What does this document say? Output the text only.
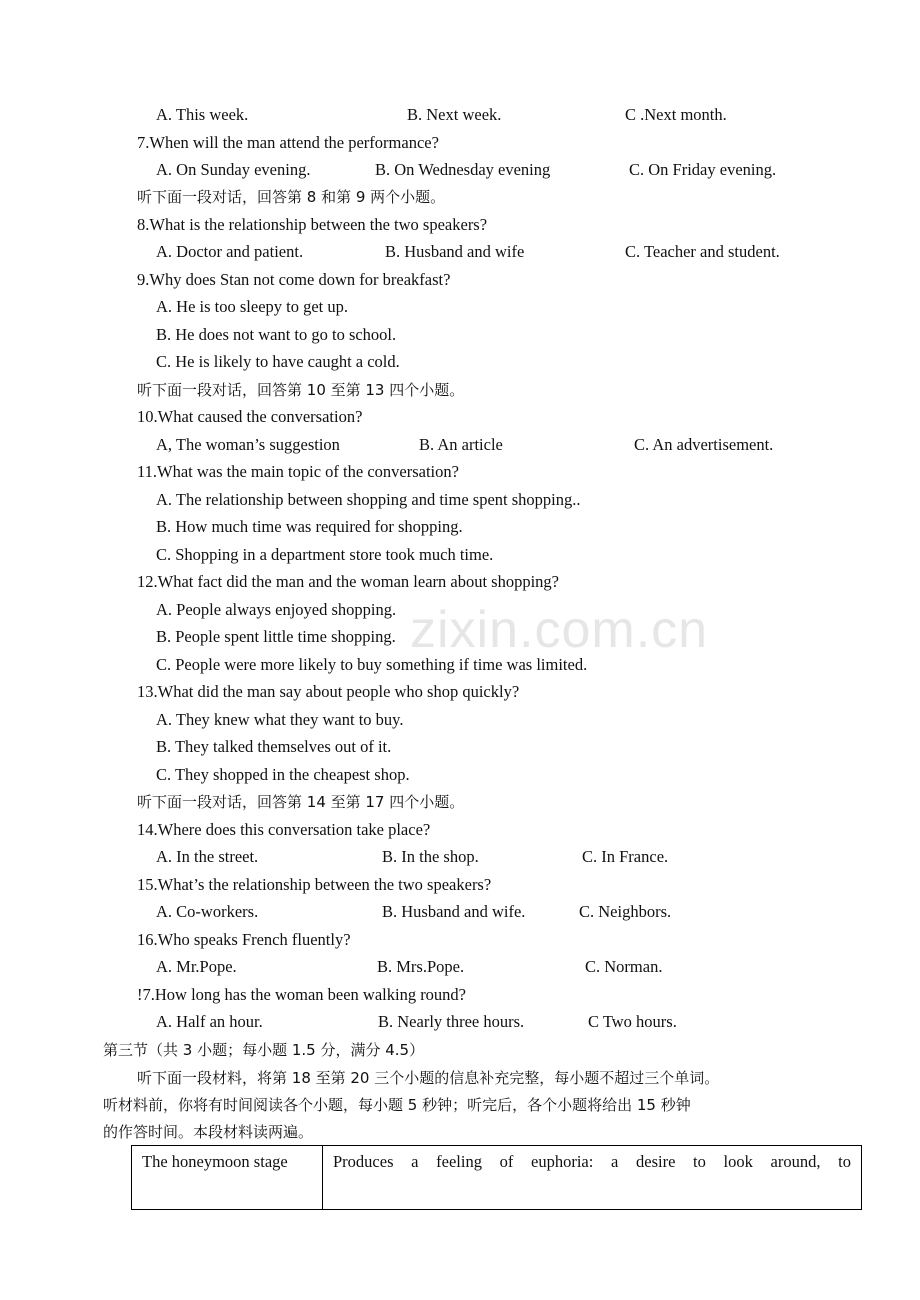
zixin.com.cn
A. This week.	B. Next week.	C .Next month.
7.When will the man attend the performance?
A. On Sunday evening.	B. On Wednesday evening	C. On Friday evening.
听下面一段对话，回答第 8 和第 9 两个小题。
8.What is the relationship between the two speakers?
A. Doctor and patient.	B. Husband and wife	C. Teacher and student.
9.Why does Stan not come down for breakfast?
A. He is too sleepy to get up.
B. He does not want to go to school.
C. He is likely to have caught a cold.
听下面一段对话，回答第 10 至第 13 四个小题。
10.What caused the conversation?
A, The woman’s suggestion	B. An article	C. An advertisement.
11.What was the main topic of the conversation?
A. The relationship between shopping and time spent shopping..
B. How much time was required for shopping.
C. Shopping in a department store took much time.
12.What fact did the man and the woman learn about shopping?
A. People always enjoyed shopping.
B. People spent little time shopping.
C. People were more likely to buy something if time was limited.
13.What did the man say about people who shop quickly?
A. They knew what they want to buy.
B. They talked themselves out of it.
C. They shopped in the cheapest shop.
听下面一段对话，回答第 14 至第 17 四个小题。
14.Where does this conversation take place?
A. In the street.	B. In the shop.	C. In France.
15.What’s the relationship between the two speakers?
A. Co-workers.	B. Husband and wife.	C. Neighbors.
16.Who speaks French fluently?
A. Mr.Pope.	B. Mrs.Pope.	C. Norman.
!7.How long has the woman been walking round?
A. Half an hour.	B. Nearly three hours.	C Two hours.
第三节（共 3 小题；每小题 1.5 分，满分 4.5）
听下面一段材料，将第 18 至第 20 三个小题的信息补充完整，每小题不超过三个单词。
听材料前，你将有时间阅读各个小题，每小题 5 秒钟；听完后，各个小题将给出 15 秒钟
的作答时间。本段材料读两遍。
The honeymoon stage	Produces a feeling of euphoria: a desire to look around, to
